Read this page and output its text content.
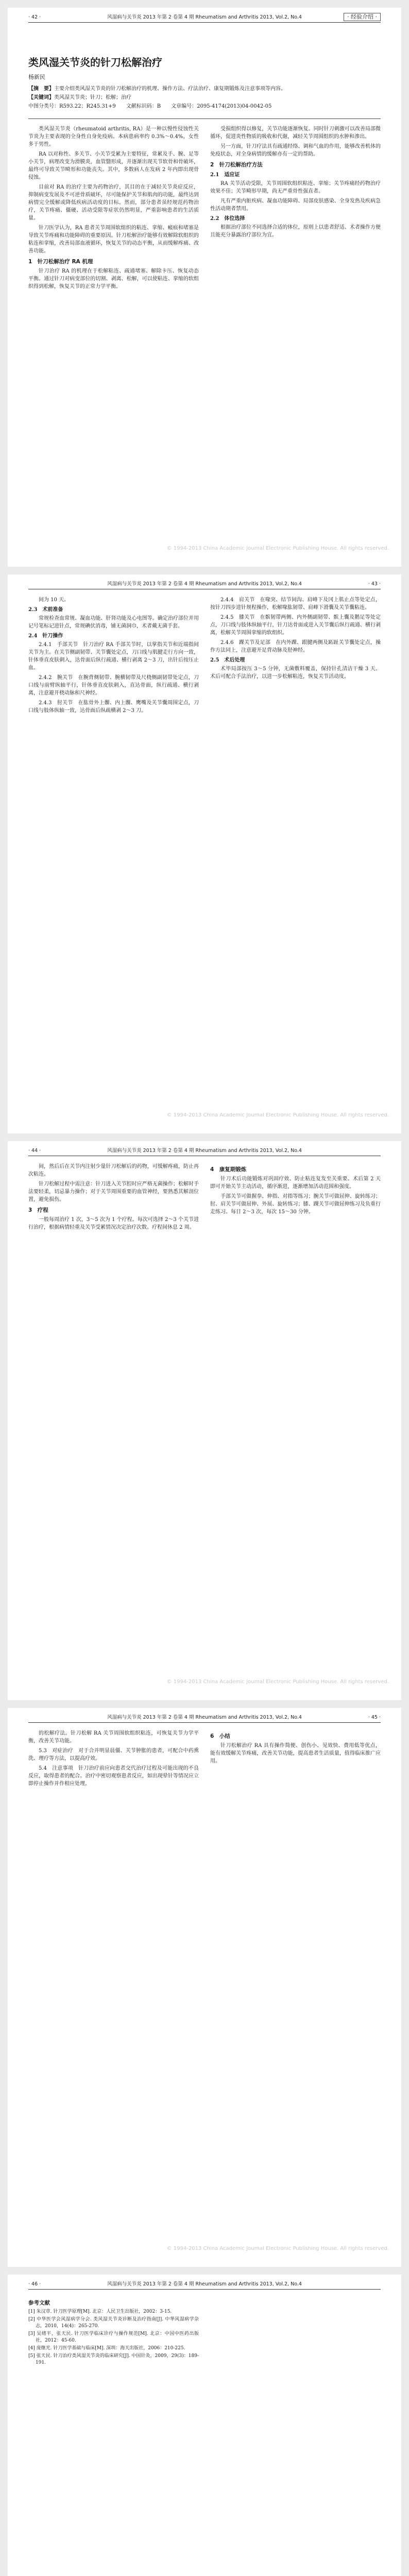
· 42 ·	风湿病与关节炎 2013 年第 2 卷第 4 期 Rheumatism and Arthritis 2013, Vol.2, No.4	· 经验介绍 ·
类风湿关节炎的针刀松解治疗
杨新民

【摘　要】主要介绍类风湿关节炎的针刀松解治疗的机理、操作方法、疗法治疗、康复期锻炼及注意事项等内容。

【关键词】类风湿关节炎；针刀；松解；治疗

中图分类号：R593.22；R245.31+9　　文献标识码：B　　文章编号：2095-4174(2013)04-0042-05

类风湿关节炎（rheumatoid arthritis, RA）是一种以慢性侵蚀性关节炎为主要表现的全身性自身免疫病。本病患病率约 0.3%～0.4%，女性多于男性。

RA 以对称性、多关节、小关节受累为主要特征，常累及手、腕、足等小关节，病理改变为滑膜炎，血管翳形成，并逐渐出现关节软骨和骨破坏，最终可导致关节畸形和功能丧失。其中，多数病人在发病 2 年内即出现骨侵蚀。

目前对 RA 的治疗主要为药物治疗，其目的在于减轻关节炎症反应，抑制病变发展及不可逆骨质破坏，尽可能保护关节和肌肉的功能，最终达到病情完全缓解或降低疾病活动度的目标。然而，部分患者虽经规范药物治疗，关节疼痛、僵硬、活动受限等症状仍然明显，严重影响患者的生活质量。

针刀医学认为，RA 患者关节周围软组织的粘连、挛缩、瘢痕和堵塞是导致关节疼痛和功能障碍的重要原因。针刀松解治疗能够有效解除软组织的粘连和挛缩，改善局部血液循环，恢复关节的动态平衡，从而缓解疼痛、改善功能。

1　针刀松解治疗 RA 机理

针刀治疗 RA 的机理在于松解粘连、疏通堵塞、解除卡压、恢复动态平衡。通过针刀对病变部位的切割、剥离、松解，可以使粘连、挛缩的软组织得到松解，恢复关节的正常力学平衡。

受损组织得以修复，关节功能逐渐恢复。同时针刀刺激可以改善局部微循环，促进炎性物质的吸收和代谢，减轻关节周围组织的水肿和渗出。

另一方面，针刀疗法具有疏通经络、调和气血的作用，能够改善机体的免疫状态，对全身病情的缓解亦有一定的帮助。

2　针刀松解治疗方法
2.1　适应证

RA 关节活动受限，关节周围软组织粘连、挛缩；关节疼痛经药物治疗效果不佳；关节畸形早期，尚无严重骨性强直者。

凡有严重内脏疾病、凝血功能障碍、局部皮肤感染、全身发热及疾病急性活动期者禁用。

2.2　体位选择

根据治疗部位不同选择合适的体位，原则上以患者舒适、术者操作方便且能充分暴露治疗部位为宜。

© 1994-2013 China Academic Journal Electronic Publishing House. All rights reserved.
风湿病与关节炎 2013 年第 2 卷第 4 期 Rheumatism and Arthritis 2013, Vol.2, No.4	· 43 ·

间为 10 天。

2.3　术前准备

常规检查血常规、凝血功能、肝肾功能及心电图等。确定治疗部位并用记号笔标记进针点，常规碘伏消毒，铺无菌洞巾，术者戴无菌手套。

2.4　针刀操作

2.4.1　手部关节　针刀治疗 RA 手部关节时，以掌指关节和近端指间关节为主。在关节侧副韧带、关节囊处定点，刀口线与肌腱走行方向一致，针体垂直皮肤刺入，达骨面后纵行疏通、横行剥离 2～3 刀，出针后按压止血。

2.4.2　腕关节　在腕背侧韧带、腕横韧带及尺桡侧副韧带处定点，刀口线与前臂纵轴平行，针体垂直皮肤刺入，直达骨面，纵行疏通、横行剥离，注意避开桡动脉和尺神经。

2.4.3　肘关节　在肱骨外上髁、内上髁、鹰嘴及关节囊周围定点，刀口线与肢体纵轴一致，达骨面后纵疏横剥 2～3 刀。

2.4.4　肩关节　在喙突、结节间沟、肩峰下及冈上肌止点等处定点，按针刀四步进针规程操作，松解喙肱韧带、肩峰下滑囊及关节囊粘连。

2.4.5　膝关节　在髌韧带两侧、内外侧副韧带、髌上囊及鹅足等处定点，刀口线与肢体纵轴平行，针刀达骨面或进入关节囊后纵行疏通、横行剥离，松解关节周围挛缩的软组织。

2.4.6　踝关节及足部　在内外踝、跟腱两侧及跖趾关节囊处定点，操作方法同上，注意避开足背动脉及胫神经。

2.5　术后处理

术毕局部按压 3～5 分钟，无菌敷料覆盖，保持针孔清洁干燥 3 天。术后可配合手法治疗，以进一步松解粘连，恢复关节活动度。

© 1994-2013 China Academic Journal Electronic Publishing House. All rights reserved.
· 44 ·	风湿病与关节炎 2013 年第 2 卷第 4 期 Rheumatism and Arthritis 2013, Vol.2, No.4

间，然后后在关节内注射少量针刀松解后的药物，可缓解疼痛，防止再次粘连。

针刀松解过程中需注意：针刀进入关节腔时应严格无菌操作；松解时手法要轻柔，切忌暴力操作；对于关节周围重要的血管神经，要熟悉其解剖位置，避免损伤。

3　疗程

一般每周治疗 1 次，3～5 次为 1 个疗程。每次可选择 2～3 个关节进行治疗，根据病情轻重及关节受累情况决定治疗次数。疗程间休息 2 周。

4　康复期锻炼

针刀术后功能锻炼对巩固疗效、防止粘连复发至关重要。术后第 2 天即可开始关节主动活动，循序渐进，逐渐增加活动范围和强度。

手部关节可做握拳、伸指、对指等练习；腕关节可做屈伸、旋转练习；肘、肩关节可做屈伸、外展、旋转练习；膝、踝关节可做屈伸练习及负重行走练习。每日 2～3 次，每次 15～30 分钟。

© 1994-2013 China Academic Journal Electronic Publishing House. All rights reserved.
风湿病与关节炎 2013 年第 2 卷第 4 期 Rheumatism and Arthritis 2013, Vol.2, No.4	· 45 ·

的松解疗法。针刀松解 RA 关节周围软组织粘连，可恢复关节力学平衡，改善关节功能。

5.3　对症治疗　对于合并明显晨僵、关节肿胀的患者，可配合中药熏洗、理疗等方法，以提高疗效。

5.4　注意事项　针刀治疗前应向患者交代治疗过程及可能出现的不良反应，取得患者的配合。治疗中密切观察患者反应，如出现晕针等情况应立即停止操作并作相应处理。

6　小结

针刀松解治疗 RA 具有操作简便、创伤小、见效快、费用低等优点，能有效缓解关节疼痛，改善关节功能，提高患者生活质量，值得临床推广应用。

© 1994-2013 China Academic Journal Electronic Publishing House. All rights reserved.
· 46 ·	风湿病与关节炎 2013 年第 2 卷第 4 期 Rheumatism and Arthritis 2013, Vol.2, No.4
参考文献

[1] 朱汉章. 针刀医学原理[M]. 北京：人民卫生出版社，2002：3-15.

[2] 中华医学会风湿病学分会. 类风湿关节炎诊断及治疗指南[J]. 中华风湿病学杂志，2010，14(4)：265-270.

[3] 吴绪平，张天民. 针刀医学临床诊疗与操作规范[M]. 北京：中国中医药出版社，2012：45-60.

[4] 庞继光. 针刀医学基础与临床[M]. 深圳：海天出版社，2006：210-225.

[5] 张天民. 针刀治疗类风湿关节炎的临床研究[J]. 中国针灸，2009，29(3)：189-191.
